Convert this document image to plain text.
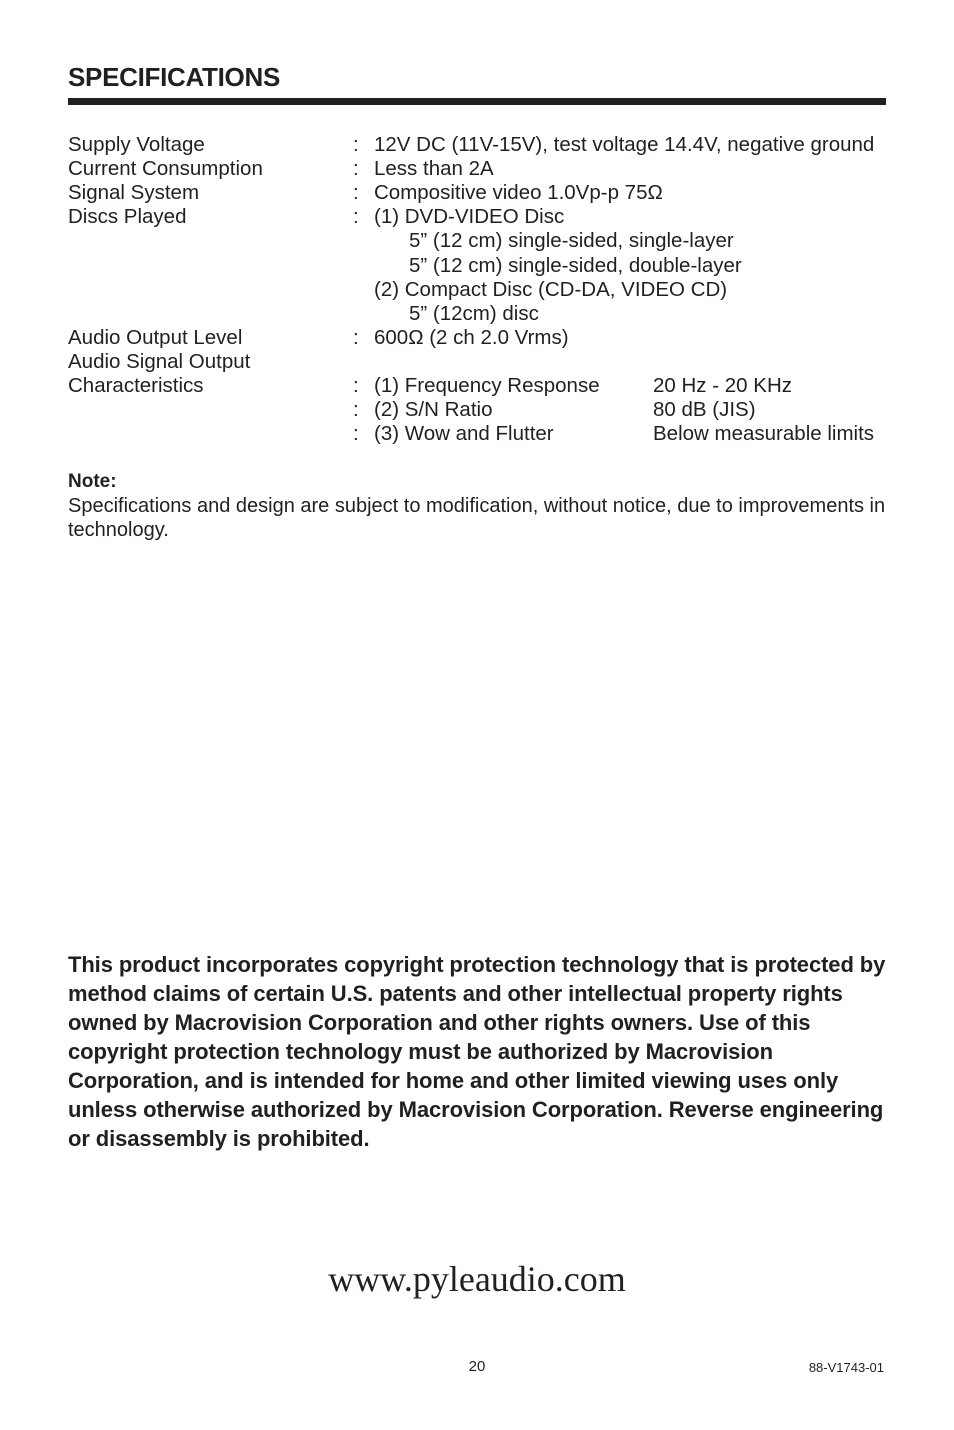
SPECIFICATIONS
Supply Voltage	: 12V DC (11V-15V), test voltage 14.4V, negative ground
Current Consumption	: Less than 2A
Signal System	: Compositive video 1.0Vp-p 75Ω
Discs Played	: (1) DVD-VIDEO Disc
5” (12 cm) single-sided, single-layer
5” (12 cm) single-sided, double-layer
(2) Compact Disc (CD-DA, VIDEO CD)
5” (12cm) disc
Audio Output Level	: 600Ω (2 ch 2.0 Vrms)
Audio Signal Output
Characteristics	: (1) Frequency Response	20 Hz - 20 KHz
: (2) S/N Ratio	80 dB (JIS)
: (3) Wow and Flutter	Below measurable limits
Note:
Specifications and design are subject to modification, without notice, due to improvements in technology.
This product incorporates copyright protection technology that is protected by method claims of certain U.S. patents and other intellectual property rights owned by Macrovision Corporation and other rights owners. Use of this copyright protection technology must be authorized by Macrovision Corporation, and is intended for home and other limited viewing uses only unless otherwise authorized by Macrovision Corporation. Reverse engineering or disassembly is prohibited.
www.pyleaudio.com
20	88-V1743-01
